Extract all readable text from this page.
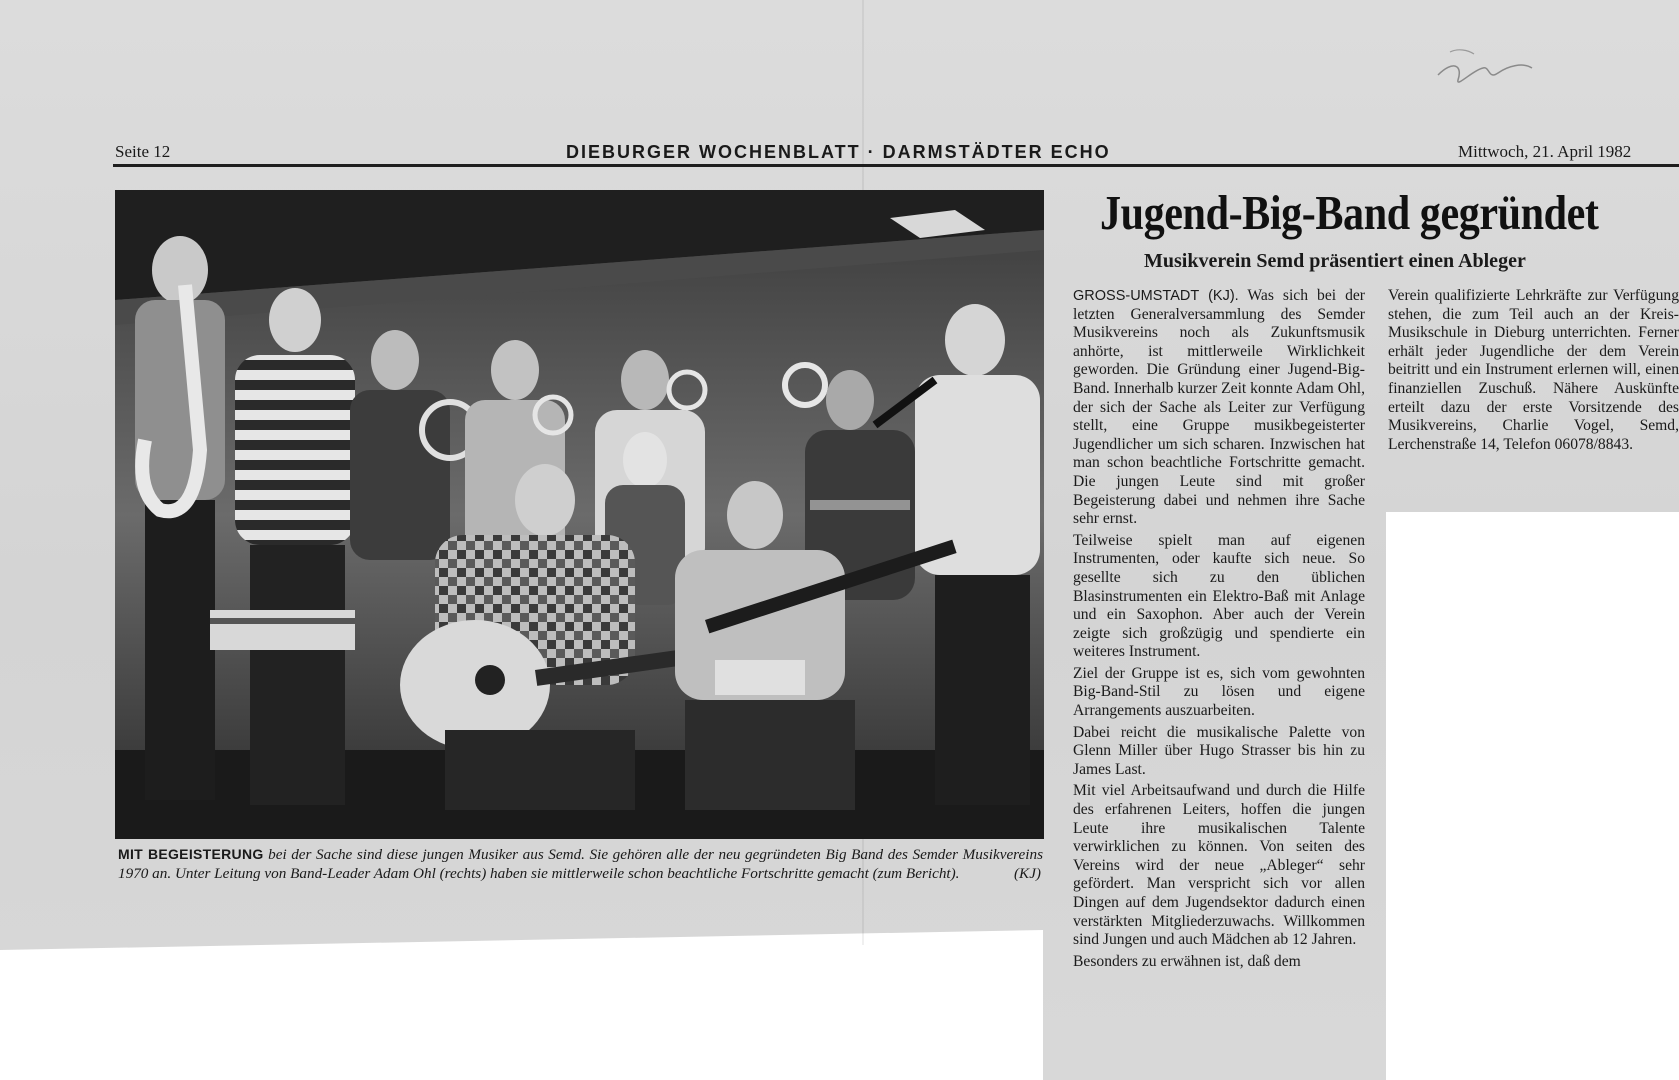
Seite 12	DIEBURGER WOCHENBLATT · DARMSTÄDTER ECHO	Mittwoch, 21. April 1982
MIT BEGEISTERUNG bei der Sache sind diese jungen Musiker aus Semd. Sie gehören alle der neu gegründeten Big Band des Semder Musikvereins 1970 an. Unter Leitung von Band-Leader Adam Ohl (rechts) haben sie mittlerweile schon beachtliche Fortschritte gemacht (zum Bericht).	(KJ)
Jugend-Big-Band gegründet
Musikverein Semd präsentiert einen Ableger

GROSS-UMSTADT (KJ). Was sich bei der letzten Generalversammlung des Semder Musikvereins noch als Zukunftsmusik anhörte, ist mittlerweile Wirklichkeit geworden. Die Gründung einer Jugend-Big-Band. Innerhalb kurzer Zeit konnte Adam Ohl, der sich der Sache als Leiter zur Verfügung stellt, eine Gruppe musikbegeisterter Jugendlicher um sich scharen. Inzwischen hat man schon beachtliche Fortschritte gemacht. Die jungen Leute sind mit großer Begeisterung dabei und nehmen ihre Sache sehr ernst.

Teilweise spielt man auf eigenen Instrumenten, oder kaufte sich neue. So gesellte sich zu den üblichen Blasinstrumenten ein Elektro-Baß mit Anlage und ein Saxophon. Aber auch der Verein zeigte sich großzügig und spendierte ein weiteres Instrument.

Ziel der Gruppe ist es, sich vom gewohnten Big-Band-Stil zu lösen und eigene Arrangements auszuarbeiten.

Dabei reicht die musikalische Palette von Glenn Miller über Hugo Strasser bis hin zu James Last.

Mit viel Arbeitsaufwand und durch die Hilfe des erfahrenen Leiters, hoffen die jungen Leute ihre musikalischen Talente verwirklichen zu können. Von seiten des Vereins wird der neue „Ableger“ sehr gefördert. Man verspricht sich vor allen Dingen auf dem Jugendsektor dadurch einen verstärkten Mitgliederzuwachs. Willkommen sind Jungen und auch Mädchen ab 12 Jahren.

Besonders zu erwähnen ist, daß dem

Verein qualifizierte Lehrkräfte zur Verfügung stehen, die zum Teil auch an der Kreis-Musikschule in Dieburg unterrichten. Ferner erhält jeder Jugendliche der dem Verein beitritt und ein Instrument erlernen will, einen finanziellen Zuschuß. Nähere Auskünfte erteilt dazu der erste Vorsitzende des Musikvereins, Charlie Vogel, Semd, Lerchenstraße 14, Telefon 06078/8843.
